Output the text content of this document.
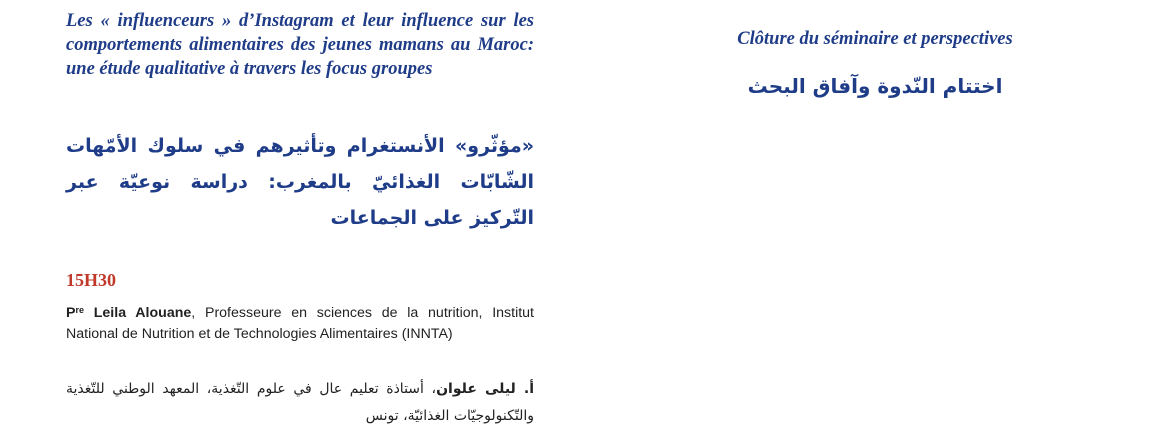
Les « influenceurs » d’Instagram et leur influence sur les comportements alimentaires des jeunes mamans au Maroc: une étude qualitative à travers les focus groupes

«مؤثّرو» الأنستغرام وتأثيرهم في سلوك الأمّهات الشّابّات الغذائيّ بالمغرب: دراسة نوعيّة عبر التّركيز على الجماعات

15H30

$P^{re}$ Leila Alouane, Professeure en sciences de la nutrition, Institut National de Nutrition et de Technologies Alimentaires (INNTA)

أ. ليلى علوان، أستاذة تعليم عال في علوم التّغذية، المعهد الوطني للتّغذية والتّكنولوجيّات الغذائيّة، تونس

Clôture du séminaire et perspectives

اختتام النّدوة وآفاق البحث
